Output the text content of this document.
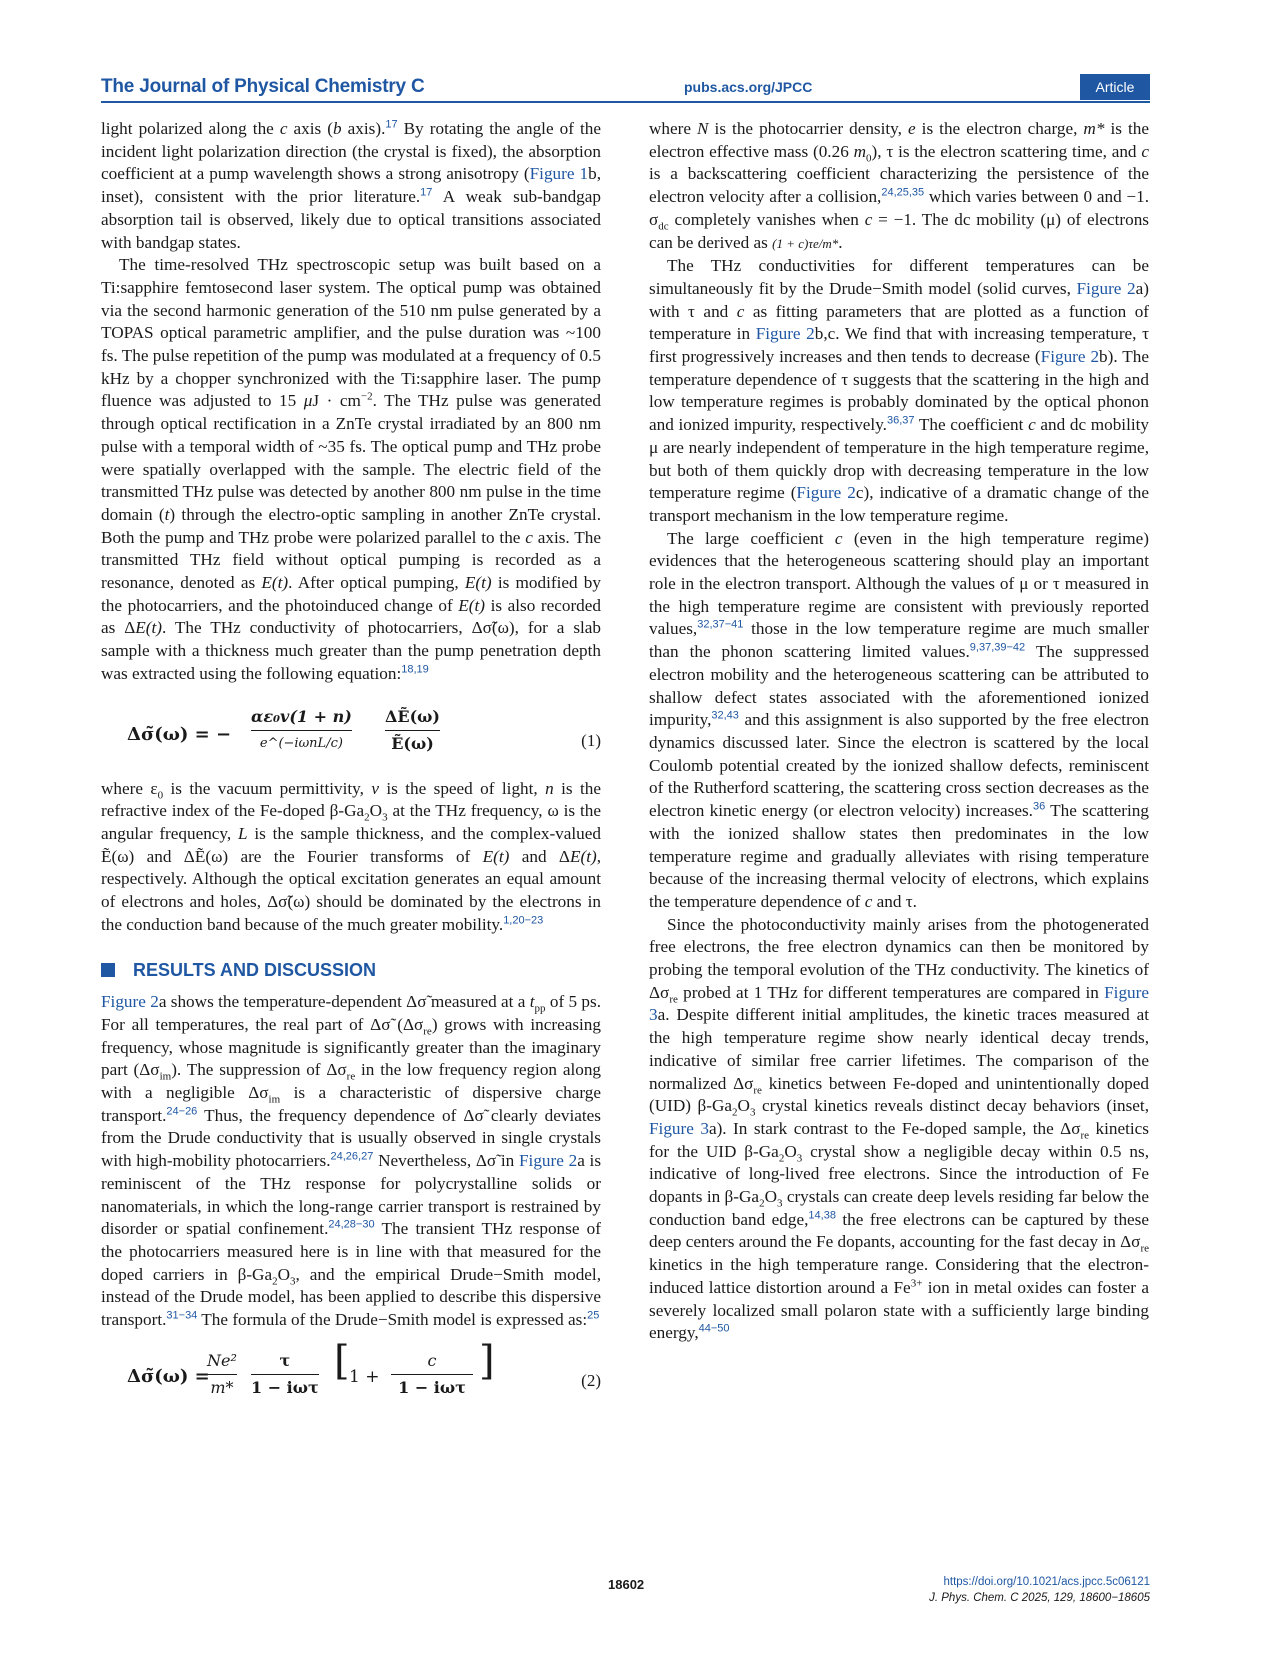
The Journal of Physical Chemistry C	pubs.acs.org/JPCC	Article

light polarized along the c axis (b axis).$^{17}$ By rotating the angle of the incident light polarization direction (the crystal is fixed), the absorption coefficient at a pump wavelength shows a strong anisotropy (Figure 1b, inset), consistent with the prior literature.$^{17}$ A weak sub-bandgap absorption tail is observed, likely due to optical transitions associated with bandgap states.

The time-resolved THz spectroscopic setup was built based on a Ti:sapphire femtosecond laser system. The optical pump was obtained via the second harmonic generation of the 510 nm pulse generated by a TOPAS optical parametric amplifier, and the pulse duration was ~100 fs. The pulse repetition of the pump was modulated at a frequency of 0.5 kHz by a chopper synchronized with the Ti:sapphire laser. The pump fluence was adjusted to 15 $\mu J \cdot cm^{-2}$. The THz pulse was generated through optical rectification in a ZnTe crystal irradiated by an 800 nm pulse with a temporal width of ~35 fs. The optical pump and THz probe were spatially overlapped with the sample. The electric field of the transmitted THz pulse was detected by another 800 nm pulse in the time domain (t) through the electro-optic sampling in another ZnTe crystal. Both the pump and THz probe were polarized parallel to the c axis. The transmitted THz field without optical pumping is recorded as a resonance, denoted as E(t). After optical pumping, E(t) is modified by the photocarriers, and the photoinduced change of E(t) is also recorded as ΔE(t). The THz conductivity of photocarriers, Δσ̃(ω), for a slab sample with a thickness much greater than the pump penetration depth was extracted using the following equation:$^{18,19}$

Δσ̃(ω) = −
αε₀v(1 + n)
e^(−iωnL/c)
ΔẼ(ω)
Ẽ(ω)	(1)

where $\varepsilon_0$ is the vacuum permittivity, v is the speed of light, n is the refractive index of the Fe-doped $\beta-Ga_2O_3$ at the THz frequency, ω is the angular frequency, L is the sample thickness, and the complex-valued Ẽ(ω) and ΔẼ(ω) are the Fourier transforms of E(t) and ΔE(t), respectively. Although the optical excitation generates an equal amount of electrons and holes, Δσ̃(ω) should be dominated by the electrons in the conduction band because of the much greater mobility.$^{1,20-23}$

RESULTS AND DISCUSSION

Figure 2a shows the temperature-dependent Δσ̃ measured at a $t_{pp}$ of 5 ps. For all temperatures, the real part of Δσ̃ $(\Delta\sigma_{re})$ grows with increasing frequency, whose magnitude is significantly greater than the imaginary part $(\Delta\sigma_{im})$. The suppression of $\Delta\sigma_{re}$ in the low frequency region along with a negligible $\Delta\sigma_{im}$ is a characteristic of dispersive charge transport.$^{24-26}$ Thus, the frequency dependence of Δσ̃ clearly deviates from the Drude conductivity that is usually observed in single crystals with high-mobility photocarriers.$^{24,26,27}$ Nevertheless, Δσ̃ in Figure 2a is reminiscent of the THz response for polycrystalline solids or nanomaterials, in which the long-range carrier transport is restrained by disorder or spatial confinement.$^{24,28-30}$ The transient THz response of the photocarriers measured here is in line with that measured for the doped carriers in $\beta-Ga_2O_3$, and the empirical Drude−Smith model, instead of the Drude model, has been applied to describe this dispersive transport.$^{31-34}$ The formula of the Drude−Smith model is expressed as:$^{25}$

Δσ̃(ω) =
Ne²
m*
τ
1 − iωτ
[ 1 +
c
1 − iωτ
]	(2)

where N is the photocarrier density, e is the electron charge, m* is the electron effective mass (0.26 $m_0$), τ is the electron scattering time, and c is a backscattering coefficient characterizing the persistence of the electron velocity after a collision,$^{24,25,35}$ which varies between 0 and −1. $\sigma_{dc}$ completely vanishes when c = −1. The dc mobility (μ) of electrons can be derived as (1 + c)τe/m*.

The THz conductivities for different temperatures can be simultaneously fit by the Drude−Smith model (solid curves, Figure 2a) with τ and c as fitting parameters that are plotted as a function of temperature in Figure 2b,c. We find that with increasing temperature, τ first progressively increases and then tends to decrease (Figure 2b). The temperature dependence of τ suggests that the scattering in the high and low temperature regimes is probably dominated by the optical phonon and ionized impurity, respectively.$^{36,37}$ The coefficient c and dc mobility μ are nearly independent of temperature in the high temperature regime, but both of them quickly drop with decreasing temperature in the low temperature regime (Figure 2c), indicative of a dramatic change of the transport mechanism in the low temperature regime.

The large coefficient c (even in the high temperature regime) evidences that the heterogeneous scattering should play an important role in the electron transport. Although the values of μ or τ measured in the high temperature regime are consistent with previously reported values,$^{32,37-41}$ those in the low temperature regime are much smaller than the phonon scattering limited values.$^{9,37,39-42}$ The suppressed electron mobility and the heterogeneous scattering can be attributed to shallow defect states associated with the aforementioned ionized impurity,$^{32,43}$ and this assignment is also supported by the free electron dynamics discussed later. Since the electron is scattered by the local Coulomb potential created by the ionized shallow defects, reminiscent of the Rutherford scattering, the scattering cross section decreases as the electron kinetic energy (or electron velocity) increases.$^{36}$ The scattering with the ionized shallow states then predominates in the low temperature regime and gradually alleviates with rising temperature because of the increasing thermal velocity of electrons, which explains the temperature dependence of c and τ.

Since the photoconductivity mainly arises from the photogenerated free electrons, the free electron dynamics can then be monitored by probing the temporal evolution of the THz conductivity. The kinetics of $\Delta\sigma_{re}$ probed at 1 THz for different temperatures are compared in Figure 3a. Despite different initial amplitudes, the kinetic traces measured at the high temperature regime show nearly identical decay trends, indicative of similar free carrier lifetimes. The comparison of the normalized $\Delta\sigma_{re}$ kinetics between Fe-doped and unintentionally doped (UID) $\beta-Ga_2O_3$ crystal kinetics reveals distinct decay behaviors (inset, Figure 3a). In stark contrast to the Fe-doped sample, the $\Delta\sigma_{re}$ kinetics for the UID $\beta-Ga_2O_3$ crystal show a negligible decay within 0.5 ns, indicative of long-lived free electrons. Since the introduction of Fe dopants in $\beta-Ga_2O_3$ crystals can create deep levels residing far below the conduction band edge,$^{14,38}$ the free electrons can be captured by these deep centers around the Fe dopants, accounting for the fast decay in $\Delta\sigma_{re}$ kinetics in the high temperature range. Considering that the electron-induced lattice distortion around a $Fe^{3+}$ ion in metal oxides can foster a severely localized small polaron state with a sufficiently large binding energy,$^{44-50}$

18602	https://doi.org/10.1021/acs.jpcc.5c06121
J. Phys. Chem. C 2025, 129, 18600−18605
